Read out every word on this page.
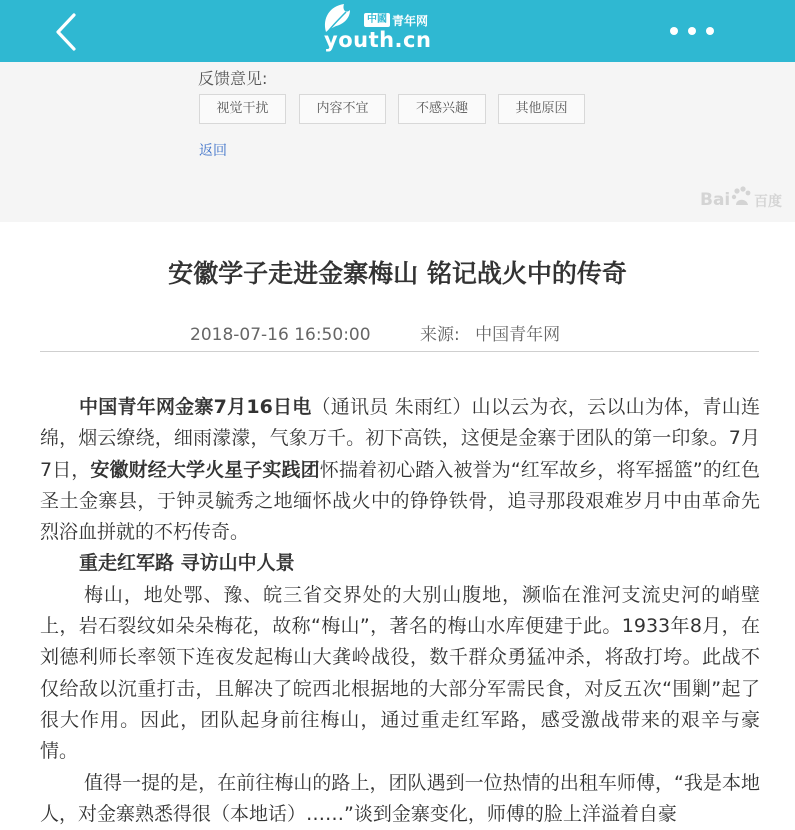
中國 青年网
youth.cn
反馈意见:
视觉干扰	内容不宜	不感兴趣	其他原因
返回
Bai 百度
安徽学子走进金寨梅山 铭记战火中的传奇
2018-07-16 16:50:00	来源: 中国青年网

中国青年网金寨7月16日电（通讯员 朱雨红）山以云为衣，云以山为体，青山连绵，烟云缭绕，细雨濛濛，气象万千。初下高铁，这便是金寨于团队的第一印象。7月7日，安徽财经大学火星子实践团怀揣着初心踏入被誉为“红军故乡，将军摇篮”的红色圣土金寨县，于钟灵毓秀之地缅怀战火中的铮铮铁骨，追寻那段艰难岁月中由革命先烈浴血拼就的不朽传奇。

重走红军路 寻访山中人景

梅山，地处鄂、豫、皖三省交界处的大别山腹地，濒临在淮河支流史河的峭壁上，岩石裂纹如朵朵梅花，故称“梅山”，著名的梅山水库便建于此。1933年8月，在刘德利师长率领下连夜发起梅山大龚岭战役，数千群众勇猛冲杀，将敌打垮。此战不仅给敌以沉重打击，且解决了皖西北根据地的大部分军需民食，对反五次“围剿”起了很大作用。因此，团队起身前往梅山，通过重走红军路，感受激战带来的艰辛与豪情。

值得一提的是，在前往梅山的路上，团队遇到一位热情的出租车师傅，“我是本地人，对金寨熟悉得很（本地话）……”谈到金寨变化，师傅的脸上洋溢着自豪
